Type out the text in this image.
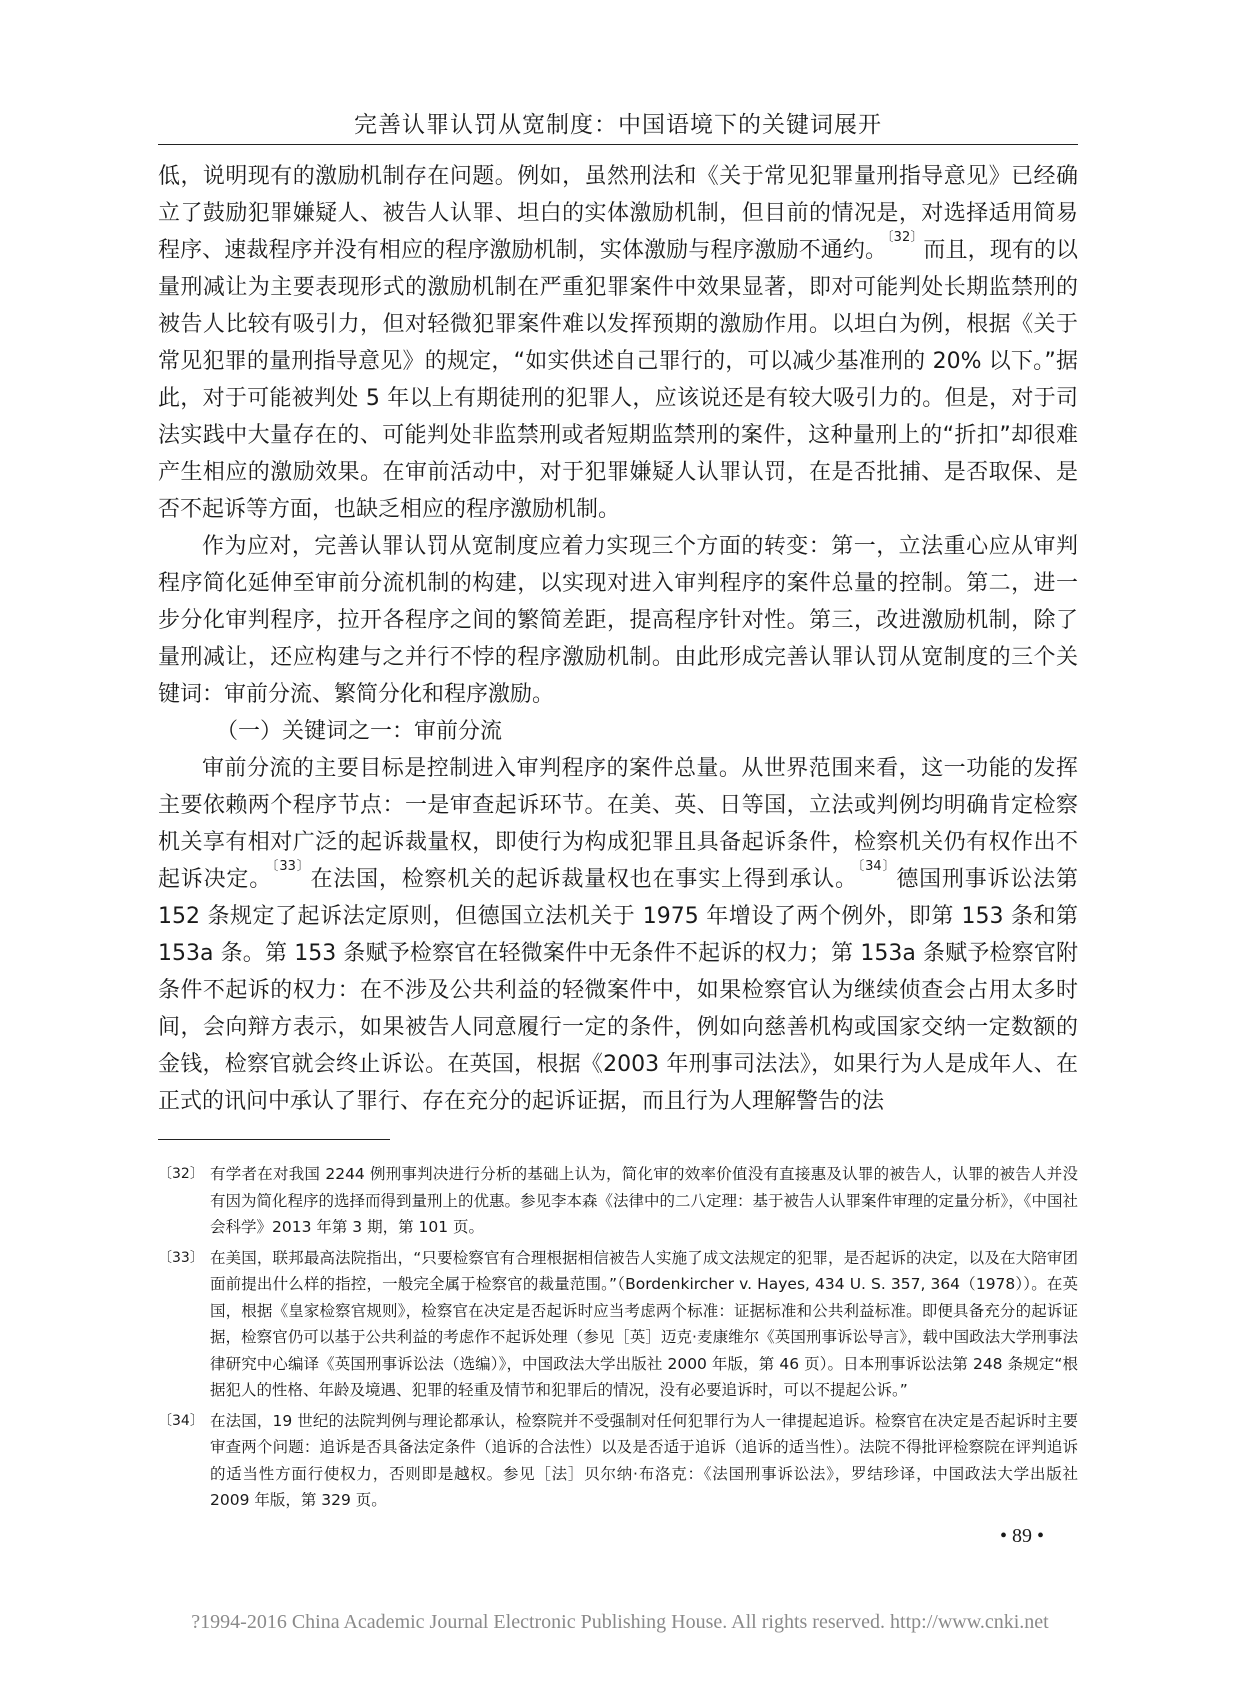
完善认罪认罚从宽制度：中国语境下的关键词展开

低，说明现有的激励机制存在问题。例如，虽然刑法和《关于常见犯罪量刑指导意见》已经确立了鼓励犯罪嫌疑人、被告人认罪、坦白的实体激励机制，但目前的情况是，对选择适用简易程序、速裁程序并没有相应的程序激励机制，实体激励与程序激励不通约。$^{〔32〕}$而且，现有的以量刑减让为主要表现形式的激励机制在严重犯罪案件中效果显著，即对可能判处长期监禁刑的被告人比较有吸引力，但对轻微犯罪案件难以发挥预期的激励作用。以坦白为例，根据《关于常见犯罪的量刑指导意见》的规定，“如实供述自己罪行的，可以减少基准刑的 20% 以下。”据此，对于可能被判处 5 年以上有期徒刑的犯罪人，应该说还是有较大吸引力的。但是，对于司法实践中大量存在的、可能判处非监禁刑或者短期监禁刑的案件，这种量刑上的“折扣”却很难产生相应的激励效果。在审前活动中，对于犯罪嫌疑人认罪认罚，在是否批捕、是否取保、是否不起诉等方面，也缺乏相应的程序激励机制。

作为应对，完善认罪认罚从宽制度应着力实现三个方面的转变：第一，立法重心应从审判程序简化延伸至审前分流机制的构建，以实现对进入审判程序的案件总量的控制。第二，进一步分化审判程序，拉开各程序之间的繁简差距，提高程序针对性。第三，改进激励机制，除了量刑减让，还应构建与之并行不悖的程序激励机制。由此形成完善认罪认罚从宽制度的三个关键词：审前分流、繁简分化和程序激励。

（一）关键词之一：审前分流

审前分流的主要目标是控制进入审判程序的案件总量。从世界范围来看，这一功能的发挥主要依赖两个程序节点：一是审查起诉环节。在美、英、日等国，立法或判例均明确肯定检察机关享有相对广泛的起诉裁量权，即使行为构成犯罪且具备起诉条件，检察机关仍有权作出不起诉决定。$^{〔33〕}$在法国，检察机关的起诉裁量权也在事实上得到承认。$^{〔34〕}$德国刑事诉讼法第 152 条规定了起诉法定原则，但德国立法机关于 1975 年增设了两个例外，即第 153 条和第 153a 条。第 153 条赋予检察官在轻微案件中无条件不起诉的权力；第 153a 条赋予检察官附条件不起诉的权力：在不涉及公共利益的轻微案件中，如果检察官认为继续侦查会占用太多时间，会向辩方表示，如果被告人同意履行一定的条件，例如向慈善机构或国家交纳一定数额的金钱，检察官就会终止诉讼。在英国，根据《2003 年刑事司法法》，如果行为人是成年人、在正式的讯问中承认了罪行、存在充分的起诉证据，而且行为人理解警告的法

〔32〕 有学者在对我国 2244 例刑事判决进行分析的基础上认为，简化审的效率价值没有直接惠及认罪的被告人，认罪的被告人并没有因为简化程序的选择而得到量刑上的优惠。参见李本森《法律中的二八定理：基于被告人认罪案件审理的定量分析》，《中国社会科学》2013 年第 3 期，第 101 页。
〔33〕 在美国，联邦最高法院指出，“只要检察官有合理根据相信被告人实施了成文法规定的犯罪，是否起诉的决定，以及在大陪审团面前提出什么样的指控，一般完全属于检察官的裁量范围。”（Bordenkircher v. Hayes, 434 U. S. 357, 364（1978））。在英国，根据《皇家检察官规则》，检察官在决定是否起诉时应当考虑两个标准：证据标准和公共利益标准。即便具备充分的起诉证据，检察官仍可以基于公共利益的考虑作不起诉处理（参见［英］迈克·麦康维尔《英国刑事诉讼导言》，载中国政法大学刑事法律研究中心编译《英国刑事诉讼法（选编）》，中国政法大学出版社 2000 年版，第 46 页）。日本刑事诉讼法第 248 条规定“根据犯人的性格、年龄及境遇、犯罪的轻重及情节和犯罪后的情况，没有必要追诉时，可以不提起公诉。”
〔34〕 在法国，19 世纪的法院判例与理论都承认，检察院并不受强制对任何犯罪行为人一律提起追诉。检察官在决定是否起诉时主要审查两个问题：追诉是否具备法定条件（追诉的合法性）以及是否适于追诉（追诉的适当性）。法院不得批评检察院在评判追诉的适当性方面行使权力，否则即是越权。参见［法］贝尔纳·布洛克：《法国刑事诉讼法》，罗结珍译，中国政法大学出版社 2009 年版，第 329 页。
• 89 •
?1994-2016 China Academic Journal Electronic Publishing House. All rights reserved. http://www.cnki.net
